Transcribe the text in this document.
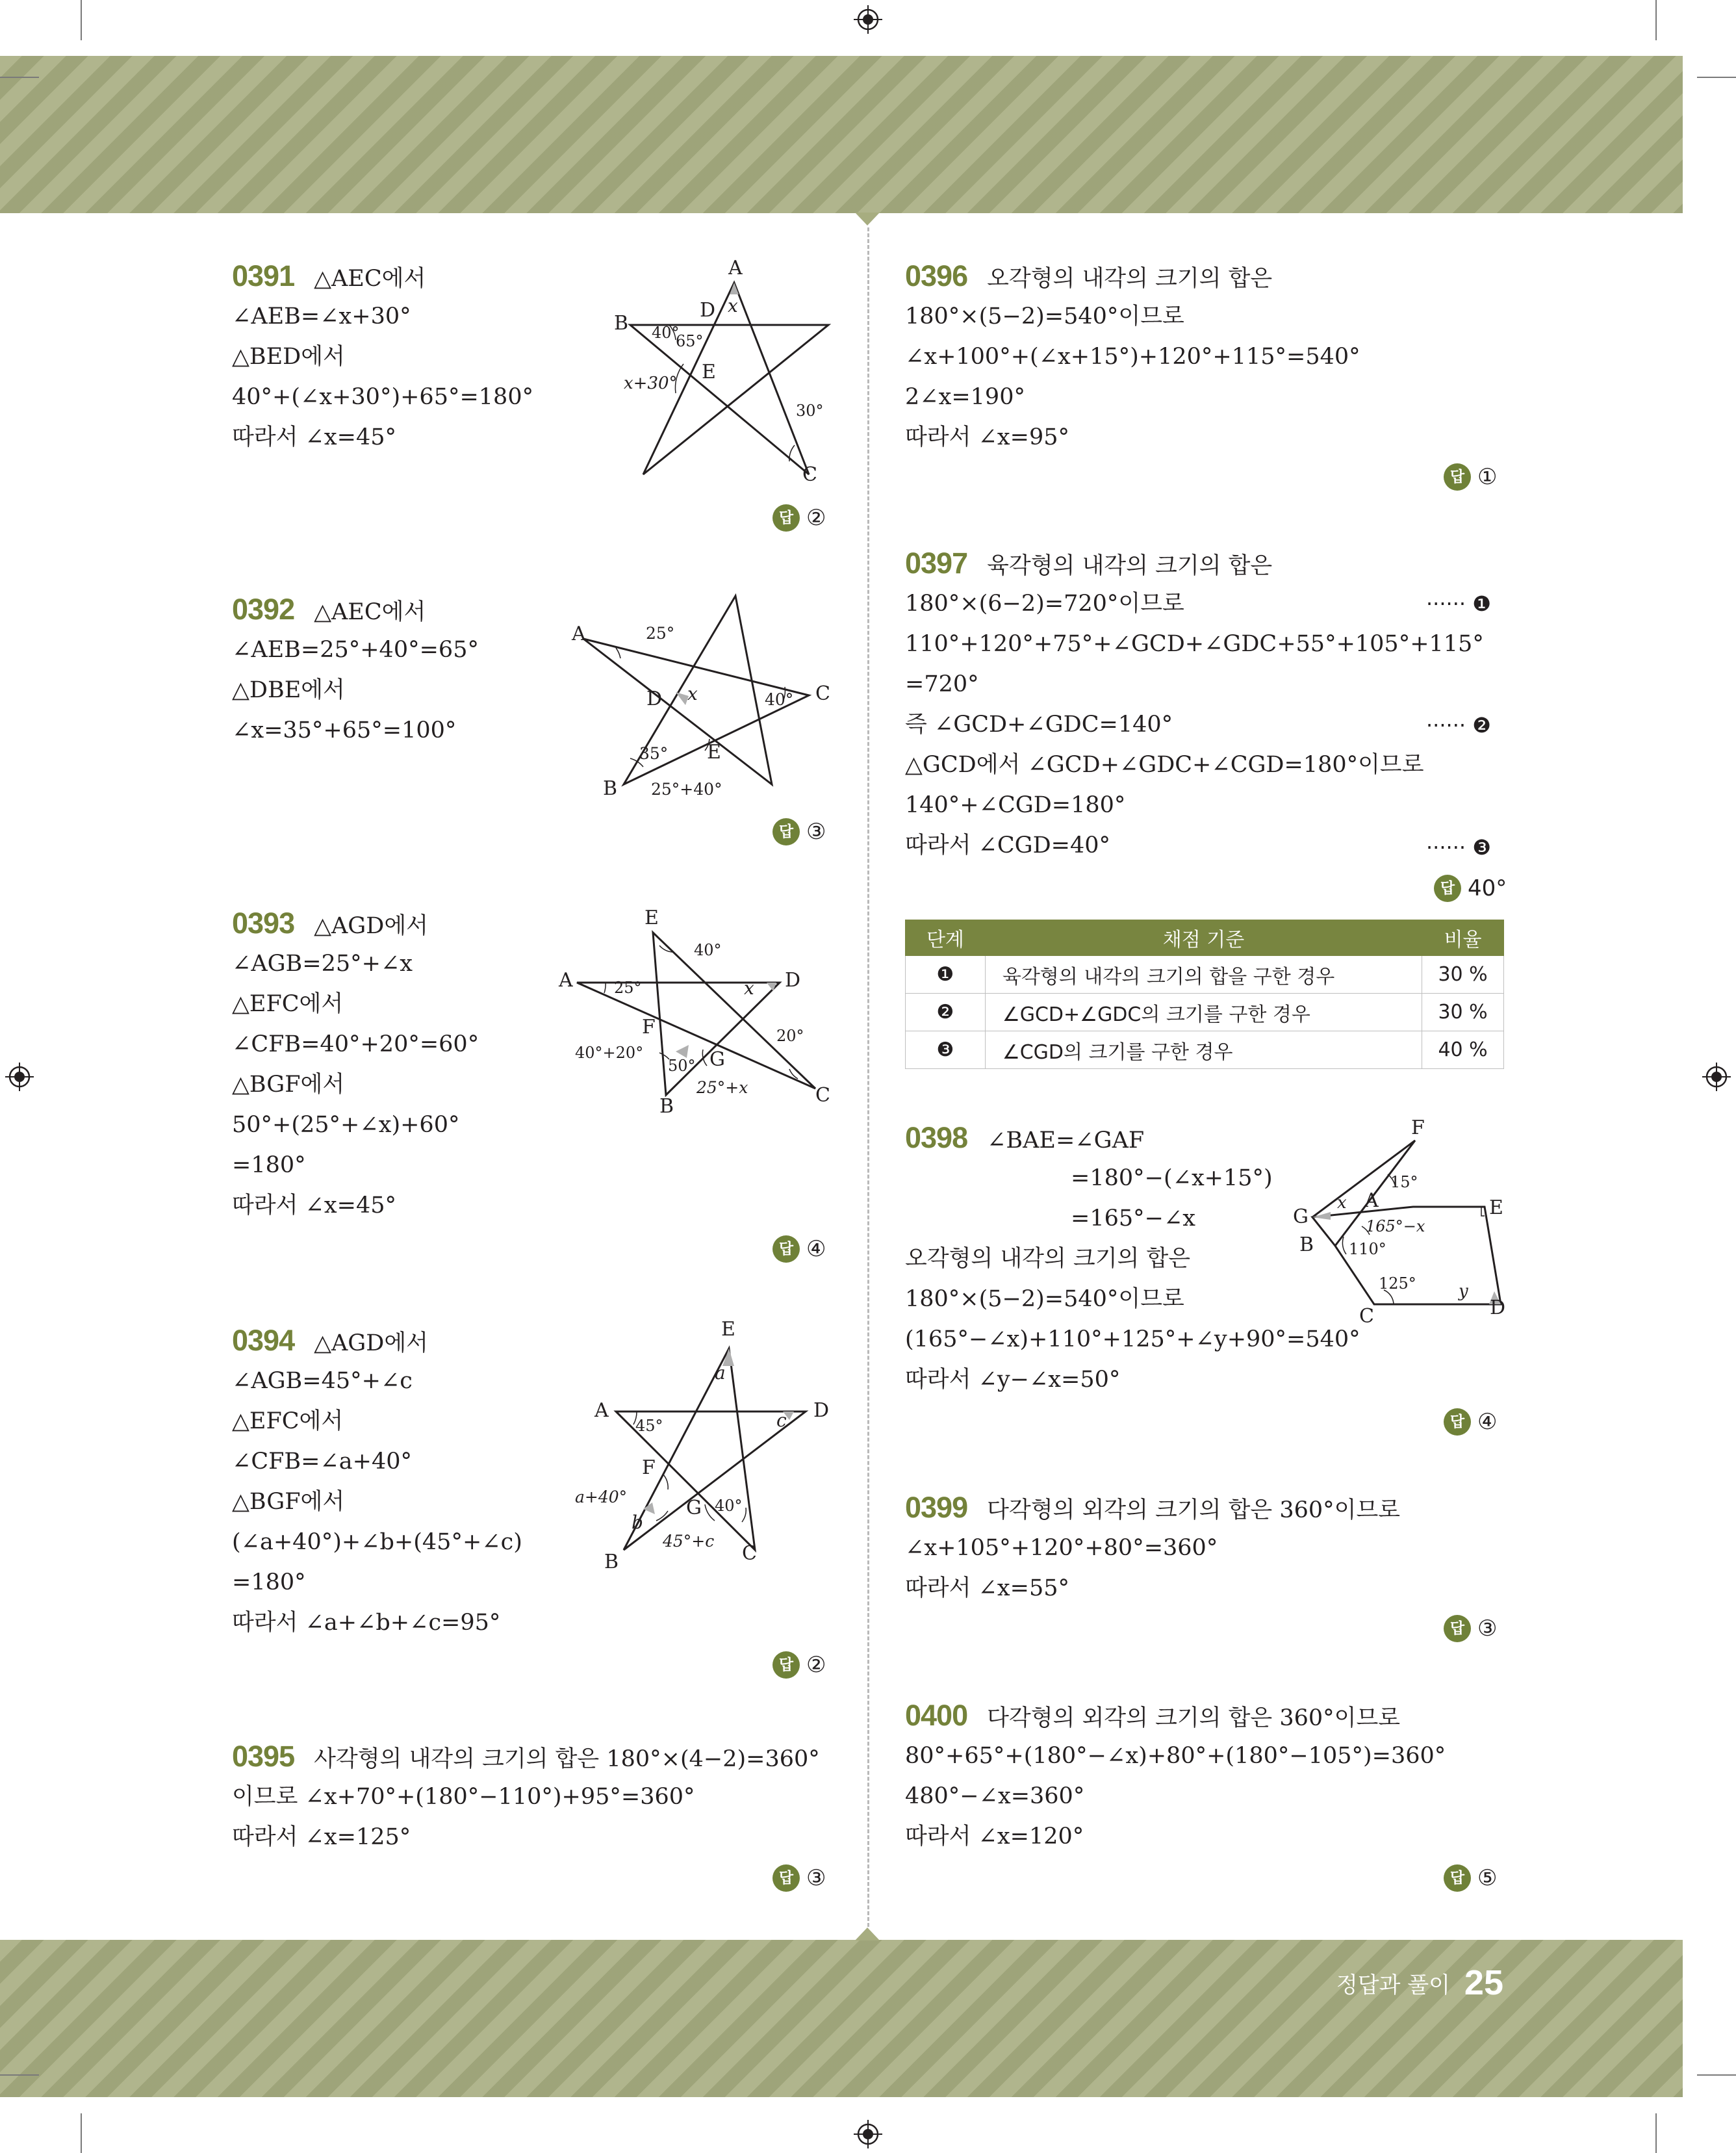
0391 △AEC에서
∠AEB=∠x+30°
△BED에서
40°+(∠x+30°)+65°=180°
따라서 ∠x=45°
A
B
C
D
E
x
40°
65°
x+30°
30°
답 ②
0392 △AEC에서
∠AEB=25°+40°=65°
△DBE에서
∠x=35°+65°=100°
A
B
C
D
E
x
25°
40°
35°
25°+40°
답 ③
0393 △AGD에서
∠AGB=25°+∠x
△EFC에서
∠CFB=40°+20°=60°
△BGF에서
50°+(25°+∠x)+60°
=180°
따라서 ∠x=45°
E
A	D
C
B
F
G
x
40°
25°
20°
40°+20°
50°
25°+x
답 ④
0394 △AGD에서
∠AGB=45°+∠c
△EFC에서
∠CFB=∠a+40°
△BGF에서
(∠a+40°)+∠b+(45°+∠c)
=180°
따라서 ∠a+∠b+∠c=95°
E
A	D
B	C
F
G
a
b
c
45°
40°
a+40°
45°+c
답 ②
0395 사각형의 내각의 크기의 합은 180°×(4−2)=360°
이므로 ∠x+70°+(180°−110°)+95°=360°
따라서 ∠x=125°
답 ③
0396 오각형의 내각의 크기의 합은
180°×(5−2)=540°이므로
∠x+100°+(∠x+15°)+120°+115°=540°
2∠x=190°
따라서 ∠x=95°
답 ①
0397 육각형의 내각의 크기의 합은
180°×(6−2)=720°이므로
110°+120°+75°+∠GCD+∠GDC+55°+105°+115°
=720°
즉 ∠GCD+∠GDC=140°
△GCD에서 ∠GCD+∠GDC+∠CGD=180°이므로
140°+∠CGD=180°
따라서 ∠CGD=40°
······ ❶
······ ❷
······ ❸
답 40°
단계	채점 기준	비율
❶	육각형의 내각의 크기의 합을 구한 경우	30 %
❷	∠GCD+∠GDC의 크기를 구한 경우	30 %
❸	∠CGD의 크기를 구한 경우	40 %
0398 ∠BAE=∠GAF
=180°−(∠x+15°)
=165°−∠x
오각형의 내각의 크기의 합은
180°×(5−2)=540°이므로
(165°−∠x)+110°+125°+∠y+90°=540°
따라서 ∠y−∠x=50°
F
G
A
B
C
E
D
x
y
15°
165°−x
110°
125°
답 ④
0399 다각형의 외각의 크기의 합은 360°이므로
∠x+105°+120°+80°=360°
따라서 ∠x=55°
답 ③
0400 다각형의 외각의 크기의 합은 360°이므로
80°+65°+(180°−∠x)+80°+(180°−105°)=360°
480°−∠x=360°
따라서 ∠x=120°
답 ⑤
정답과 풀이 25
